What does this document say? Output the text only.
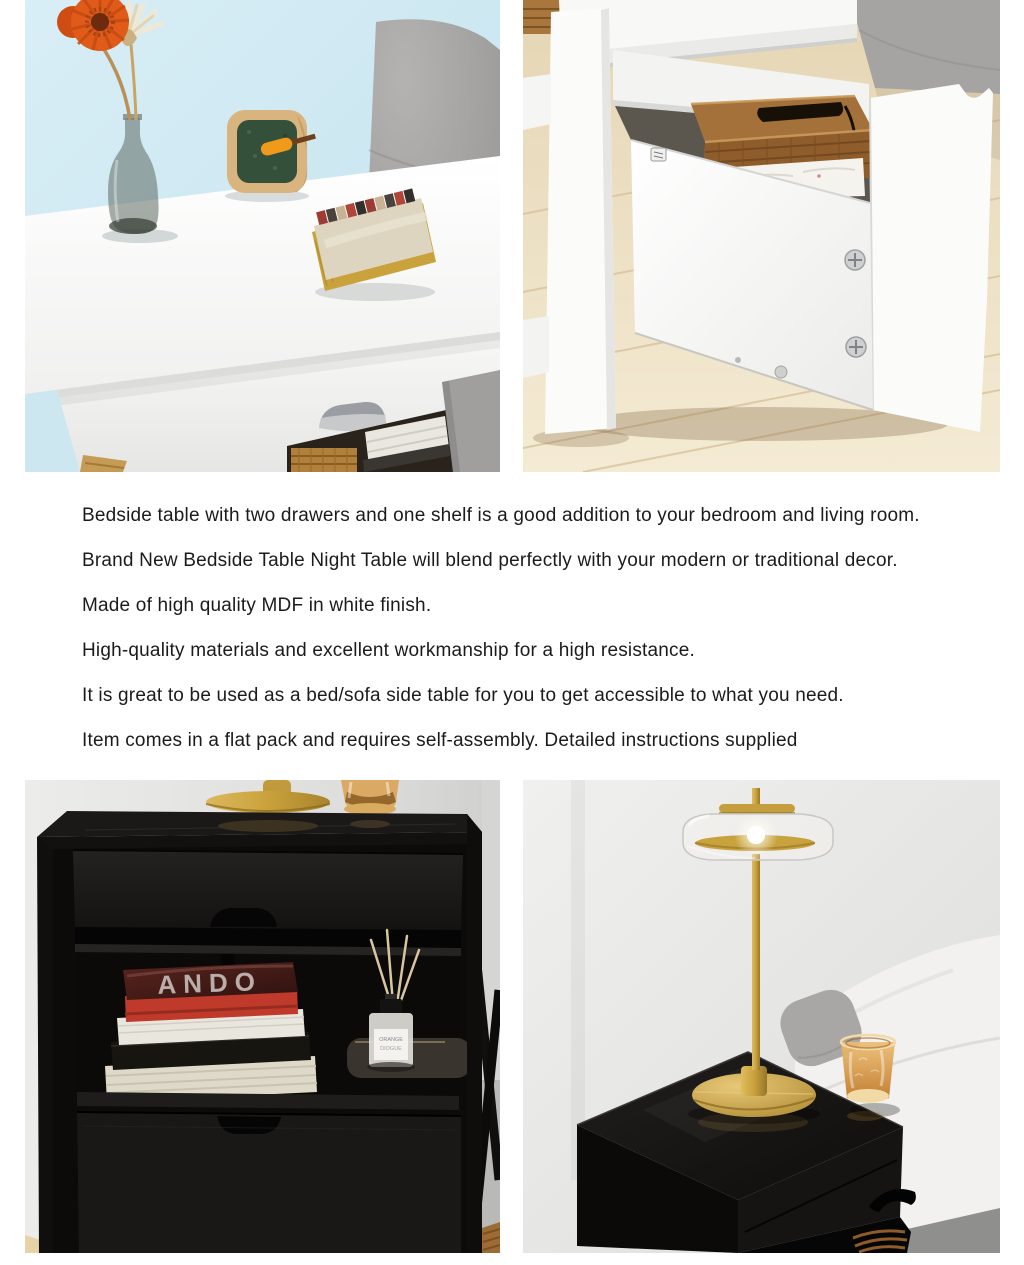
Bedside table with two drawers and one shelf is a good addition to your bedroom and living room.

Brand New Bedside Table Night Table will blend perfectly with your modern or traditional decor.

Made of high quality MDF in white finish.

High-quality materials and excellent workmanship for a high resistance.

It is great to be used as a bed/sofa side table for you to get accessible to what you need.

Item comes in a flat pack and requires self-assembly. Detailed instructions supplied

ANDO
ORANGE
DIOGUE
